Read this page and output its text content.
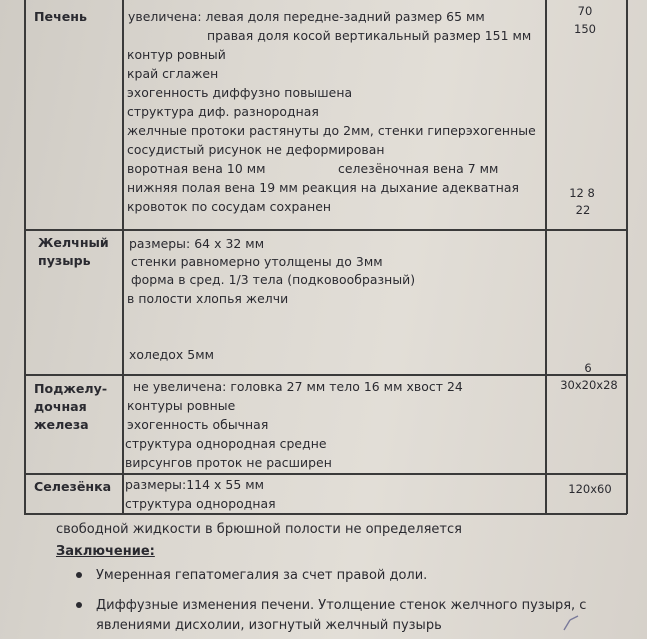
Печень	увеличена: левая доля передне-задний размер 65 мм
правая доля косой вертикальный размер 151 мм
контур ровный
край сглажен
эхогенность диффузно повышена
структура диф. разнородная
желчные протоки растянуты до 2мм, стенки гиперэхогенные
сосудистый рисунок не деформирован
воротная вена 10 мм	селезёночная вена 7 мм
нижняя полая вена 19 мм реакция на дыхание адекватная
кровоток по сосудам сохранен
70
150
12 8
22
Желчный
пузырь
размеры: 64 х 32 мм
стенки равномерно утолщены до 3мм
форма в сред. 1/3 тела (подковообразный)
в полости хлопья желчи
холедох 5мм
6
Поджелу-
дочная
железа
не увеличена: головка 27 мм тело 16 мм хвост 24
контуры ровные
эхогенность обычная
структура однородная средне
вирсунгов проток не расширен
30х20х28
Селезёнка размеры:114 х 55 мм
структура однородная
120х60
свободной жидкости в брюшной полости не определяется
Заключение:
Умеренная гепатомегалия за счет правой доли.
Диффузные изменения печени. Утолщение стенок желчного пузыря, с
явлениями дисхолии, изогнутый желчный пузырь
